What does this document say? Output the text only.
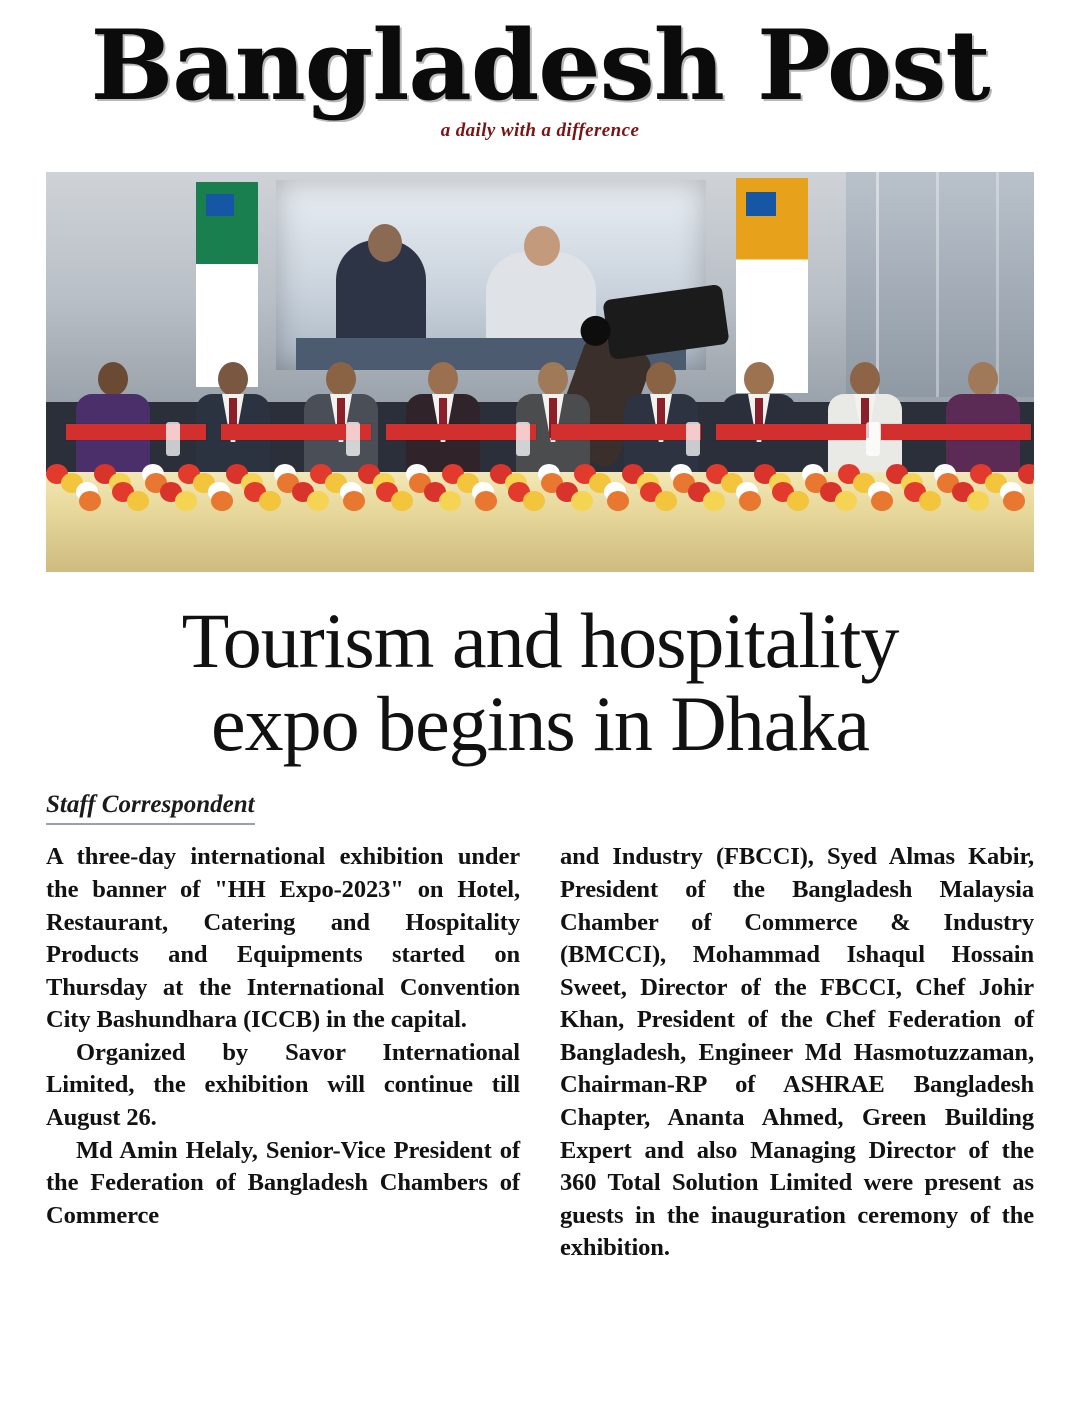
Bangladesh Post
a daily with a difference
Tourism and hospitality
expo begins in Dhaka
Staff Correspondent

A three-day international exhibition under the banner of "HH Expo-2023" on Hotel, Restaurant, Catering and Hospitality Products and Equipments started on Thursday at the International Convention City Bashundhara (ICCB) in the capital.

Organized by Savor International Limited, the exhibition will continue till August 26.

Md Amin Helaly, Senior-Vice President of the Federation of Bangladesh Chambers of Commerce

and Industry (FBCCI), Syed Almas Kabir, President of the Bangladesh Malaysia Chamber of Commerce & Industry (BMCCI), Mohammad Ishaqul Hossain Sweet, Director of the FBCCI, Chef Johir Khan, President of the Chef Federation of Bangladesh, Engineer Md Hasmotuzzaman, Chairman-RP of ASHRAE Bangladesh Chapter, Ananta Ahmed, Green Building Expert and also Managing Director of the 360 Total Solution Limited were present as guests in the inauguration ceremony of the exhibition.
